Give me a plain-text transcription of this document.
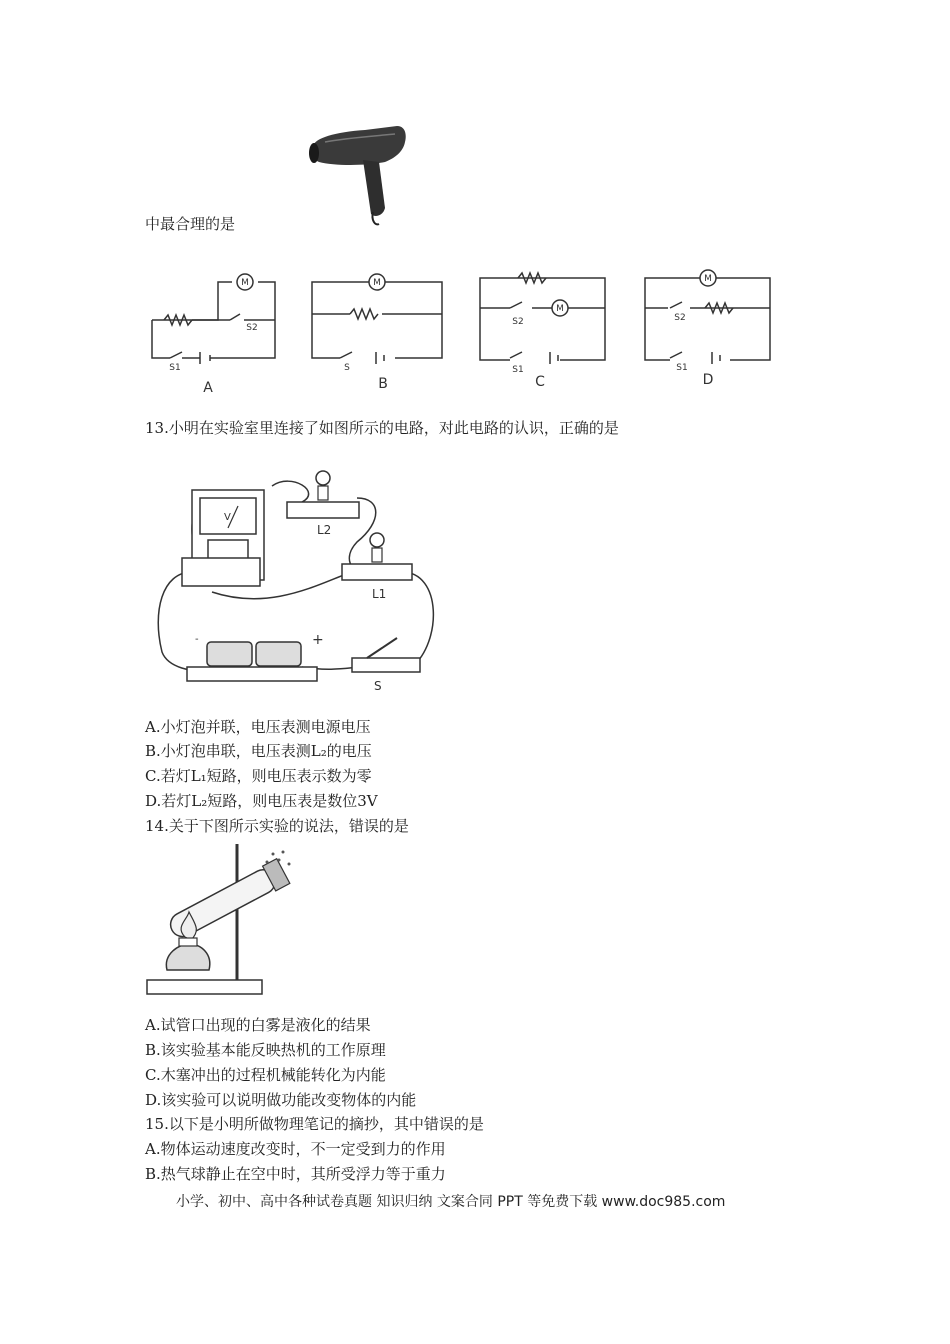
中最合理的是
M	M
M
M
S1
S2
S
S2
S1
S2
S1
A	B	C	D
13.小明在实验室里连接了如图所示的电路，对此电路的认识，正确的是
V
L2
L1
-	+
S
A.小灯泡并联，电压表测电源电压
B.小灯泡串联，电压表测L₂的电压
C.若灯L₁短路，则电压表示数为零
D.若灯L₂短路，则电压表是数位3V
14.关于下图所示实验的说法，错误的是
A.试管口出现的白雾是液化的结果
B.该实验基本能反映热机的工作原理
C.木塞冲出的过程机械能转化为内能
D.该实验可以说明做功能改变物体的内能
15.以下是小明所做物理笔记的摘抄，其中错误的是
A.物体运动速度改变时，不一定受到力的作用
B.热气球静止在空中时，其所受浮力等于重力
小学、初中、高中各种试卷真题 知识归纳 文案合同 PPT 等免费下载 www.doc985.com
